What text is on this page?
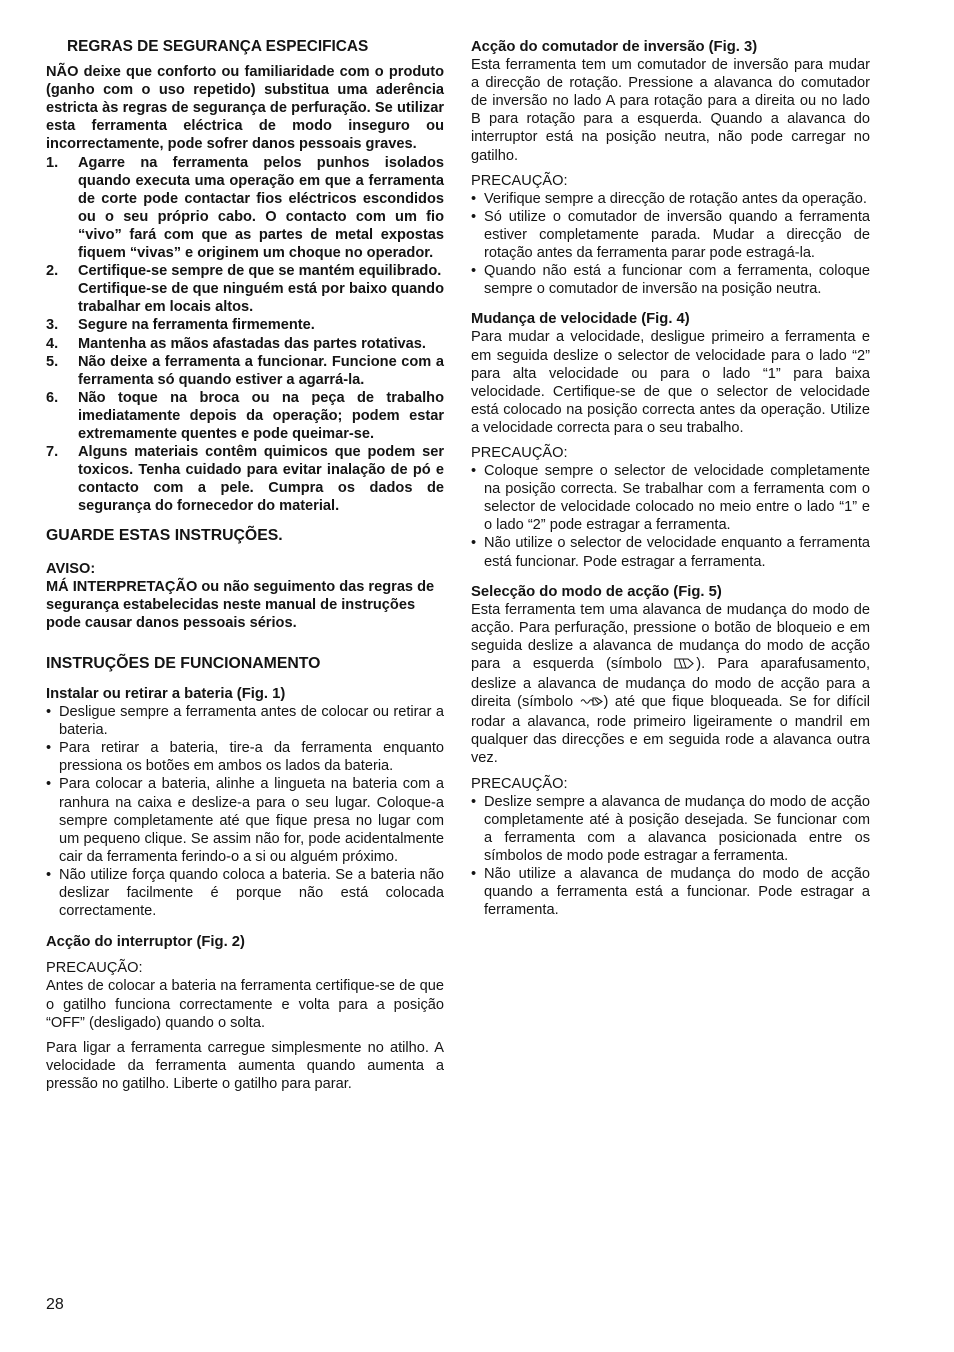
REGRAS DE SEGURANÇA ESPECIFICAS

NÃO deixe que conforto ou familiaridade com o produto (ganho com o uso repetido) substitua uma aderência estricta às regras de segurança de perfuração. Se utilizar esta ferramenta eléctrica de modo inseguro ou incorrectamente, pode sofrer danos pessoais graves.

1.	Agarre na ferramenta pelos punhos isolados quando executa uma operação em que a ferramenta de corte pode contactar fios eléctricos escondidos ou o seu próprio cabo. O contacto com um fio “vivo” fará com que as partes de metal expostas fiquem “vivas” e originem um choque no operador.
2.	Certifique-se sempre de que se mantém equilibrado.
Certifique-se de que ninguém está por baixo quando trabalhar em locais altos.
3.	Segure na ferramenta firmemente.
4.	Mantenha as mãos afastadas das partes rotativas.
5.	Não deixe a ferramenta a funcionar. Funcione com a ferramenta só quando estiver a agarrá-la.
6.	Não toque na broca ou na peça de trabalho imediatamente depois da operação; podem estar extremamente quentes e pode queimar-se.
7.	Alguns materiais contêm quimicos que podem ser toxicos. Tenha cuidado para evitar inalação de pó e contacto com a pele. Cumpra os dados de segurança do fornecedor do material.

GUARDE ESTAS INSTRUÇÕES.

AVISO:

MÁ INTERPRETAÇÃO ou não seguimento das regras de segurança estabelecidas neste manual de instruções pode causar danos pessoais sérios.

INSTRUÇÕES DE FUNCIONAMENTO

Instalar ou retirar a bateria (Fig. 1)

• Desligue sempre a ferramenta antes de colocar ou retirar a bateria.
• Para retirar a bateria, tire-a da ferramenta enquanto pressiona os botões em ambos os lados da bateria.
• Para colocar a bateria, alinhe a lingueta na bateria com a ranhura na caixa e deslize-a para o seu lugar. Coloque-a sempre completamente até que fique presa no lugar com um pequeno clique. Se assim não for, pode acidentalmente cair da ferramenta ferindo-o a si ou alguém próximo.
• Não utilize força quando coloca a bateria. Se a bateria não deslizar facilmente é porque não está colocada correctamente.

Acção do interruptor (Fig. 2)

PRECAUÇÃO:

Antes de colocar a bateria na ferramenta certifique-se de que o gatilho funciona correctamente e volta para a posição “OFF” (desligado) quando o solta.

Para ligar a ferramenta carregue simplesmente no atilho. A velocidade da ferramenta aumenta quando aumenta a pressão no gatilho. Liberte o gatilho para parar.

Acção do comutador de inversão (Fig. 3)

Esta ferramenta tem um comutador de inversão para mudar a direcção de rotação. Pressione a alavanca do comutador de inversão no lado A para rotação para a direita ou no lado B para rotação para a esquerda. Quando a alavanca do interruptor está na posição neutra, não pode carregar no gatilho.

PRECAUÇÃO:

• Verifique sempre a direcção de rotação antes da operação.
• Só utilize o comutador de inversão quando a ferramenta estiver completamente parada. Mudar a direcção de rotação antes da ferramenta parar pode estragá-la.
• Quando não está a funcionar com a ferramenta, coloque sempre o comutador de inversão na posição neutra.

Mudança de velocidade (Fig. 4)

Para mudar a velocidade, desligue primeiro a ferramenta e em seguida deslize o selector de velocidade para o lado “2” para alta velocidade ou para o lado “1” para baixa velocidade. Certifique-se de que o selector de velocidade está colocado na posição correcta antes da operação. Utilize a velocidade correcta para o seu trabalho.

PRECAUÇÃO:

• Coloque sempre o selector de velocidade completamente na posição correcta. Se trabalhar com a ferramenta com o selector de velocidade colocado no meio entre o lado “1” e o lado “2” pode estragar a ferramenta.
• Não utilize o selector de velocidade enquanto a ferramenta está funcionar. Pode estragar a ferramenta.

Selecção do modo de acção (Fig. 5)

Esta ferramenta tem uma alavanca de mudança do modo de acção. Para perfuração, pressione o botão de bloqueio e em seguida deslize a alavanca de mudança do modo de acção para a esquerda (símbolo ). Para aparafusamento, deslize a alavanca de mudança do modo de acção para a direita (símbolo ) até que fique bloqueada. Se for difícil rodar a alavanca, rode primeiro ligeiramente o mandril em qualquer das direcções e em seguida rode a alavanca outra vez.

PRECAUÇÃO:

• Deslize sempre a alavanca de mudança do modo de acção completamente até à posição desejada. Se funcionar com a ferramenta com a alavanca posicionada entre os símbolos de modo pode estragar a ferramenta.
• Não utilize a alavanca de mudança do modo de acção quando a ferramenta está a funcionar. Pode estragar a ferramenta.
28
